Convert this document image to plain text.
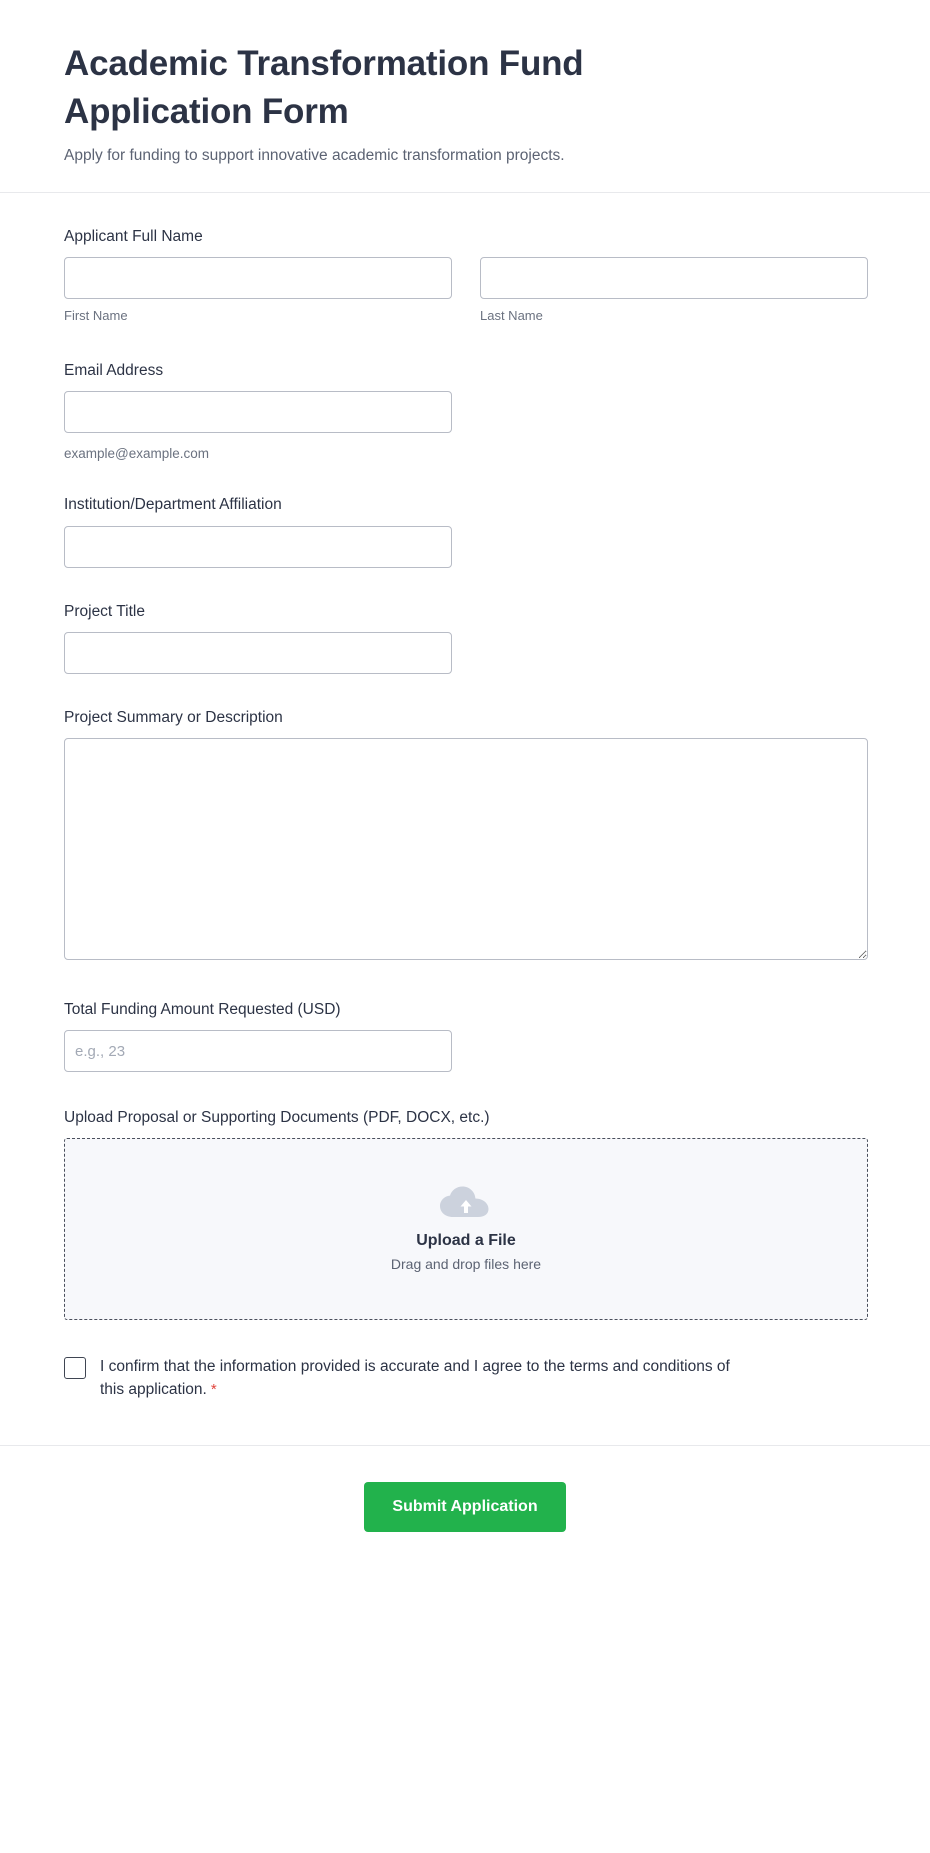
Academic Transformation Fund Application Form

Apply for funding to support innovative academic transformation projects.

Applicant Full Name
First Name	Last Name
Email Address
example@example.com
Institution/Department Affiliation
Project Title
Project Summary or Description
Total Funding Amount Requested (USD)
e.g., 23
Upload Proposal or Supporting Documents (PDF, DOCX, etc.)
Upload a File
Drag and drop files here
I confirm that the information provided is accurate and I agree to the terms and conditions of this application. *
Submit Application
